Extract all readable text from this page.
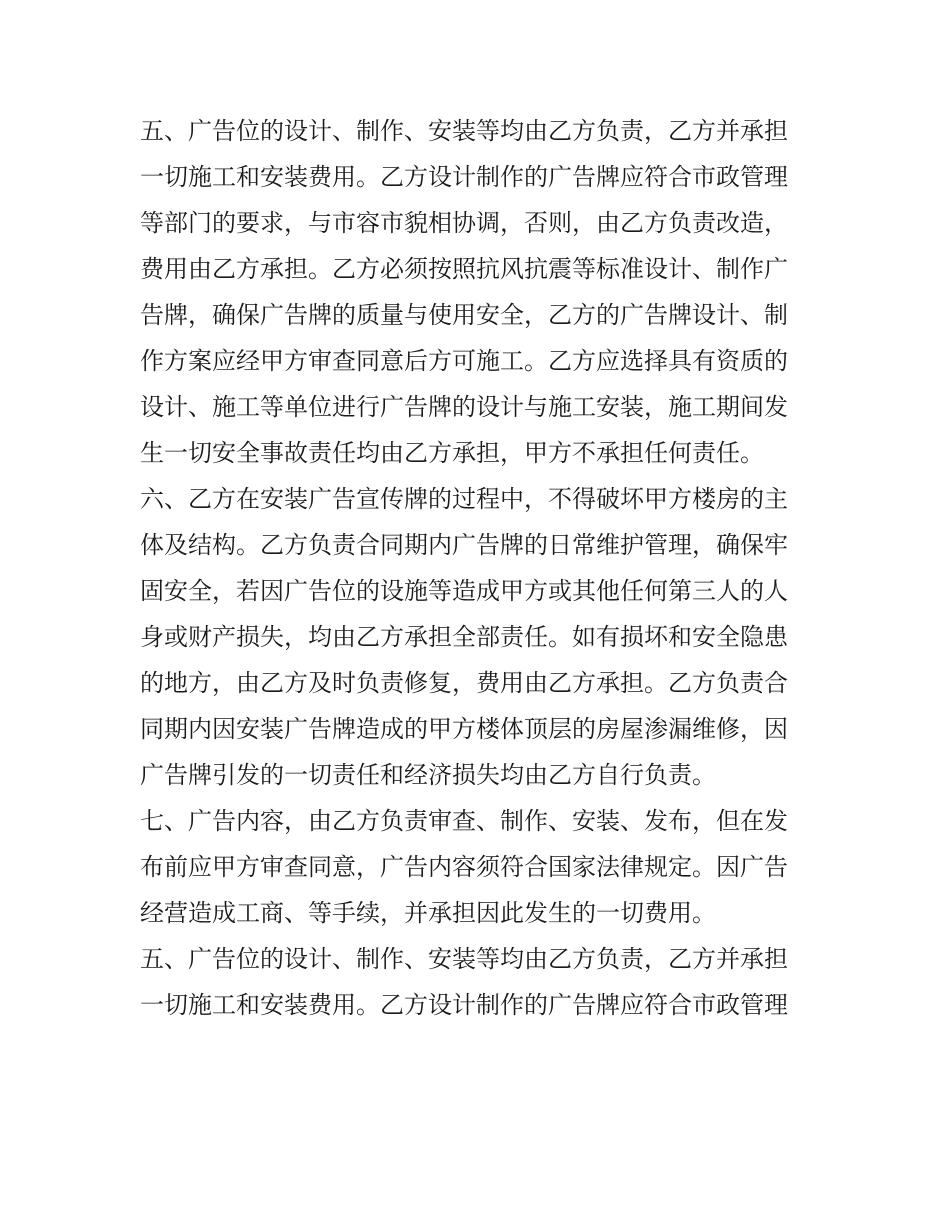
五、广告位的设计、制作、安装等均由乙方负责，乙方并承担
一切施工和安装费用。乙方设计制作的广告牌应符合市政管理
等部门的要求，与市容市貌相协调，否则，由乙方负责改造，
费用由乙方承担。乙方必须按照抗风抗震等标准设计、制作广
告牌，确保广告牌的质量与使用安全，乙方的广告牌设计、制
作方案应经甲方审查同意后方可施工。乙方应选择具有资质的
设计、施工等单位进行广告牌的设计与施工安装，施工期间发
生一切安全事故责任均由乙方承担，甲方不承担任何责任。
六、乙方在安装广告宣传牌的过程中，不得破坏甲方楼房的主
体及结构。乙方负责合同期内广告牌的日常维护管理，确保牢
固安全，若因广告位的设施等造成甲方或其他任何第三人的人
身或财产损失，均由乙方承担全部责任。如有损坏和安全隐患
的地方，由乙方及时负责修复，费用由乙方承担。乙方负责合
同期内因安装广告牌造成的甲方楼体顶层的房屋渗漏维修，因
广告牌引发的一切责任和经济损失均由乙方自行负责。
七、广告内容，由乙方负责审查、制作、安装、发布，但在发
布前应甲方审查同意，广告内容须符合国家法律规定。因广告
经营造成工商、等手续，并承担因此发生的一切费用。
五、广告位的设计、制作、安装等均由乙方负责，乙方并承担
一切施工和安装费用。乙方设计制作的广告牌应符合市政管理
